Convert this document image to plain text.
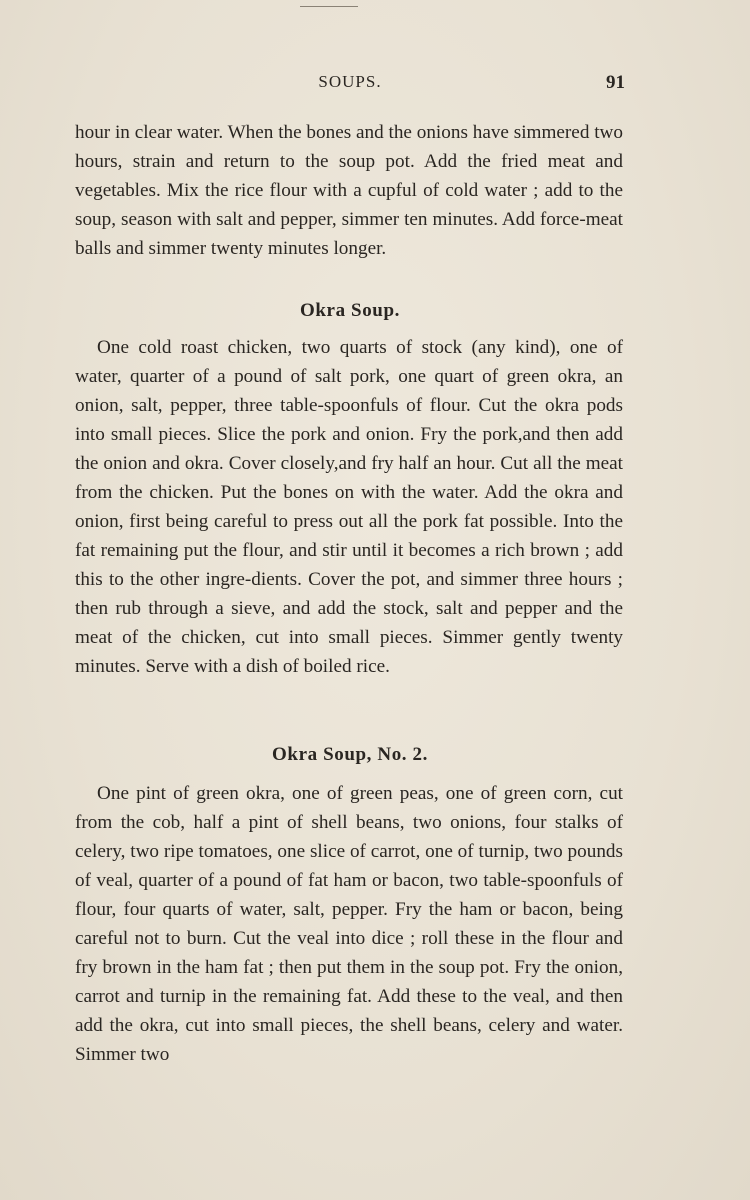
SOUPS.	91

hour in clear water. When the bones and the onions have simmered two hours, strain and return to the soup pot. Add the fried meat and vegetables. Mix the rice flour with a cupful of cold water ; add to the soup, season with salt and pepper, simmer ten minutes. Add force-meat balls and simmer twenty minutes longer.

Okra Soup.

One cold roast chicken, two quarts of stock (any kind), one of water, quarter of a pound of salt pork, one quart of green okra, an onion, salt, pepper, three table-spoonfuls of flour. Cut the okra pods into small pieces. Slice the pork and onion. Fry the pork,and then add the onion and okra. Cover closely,and fry half an hour. Cut all the meat from the chicken. Put the bones on with the water. Add the okra and onion, first being careful to press out all the pork fat possible. Into the fat remaining put the flour, and stir until it becomes a rich brown ; add this to the other ingre-dients. Cover the pot, and simmer three hours ; then rub through a sieve, and add the stock, salt and pepper and the meat of the chicken, cut into small pieces. Simmer gently twenty minutes. Serve with a dish of boiled rice.

Okra Soup, No. 2.

One pint of green okra, one of green peas, one of green corn, cut from the cob, half a pint of shell beans, two onions, four stalks of celery, two ripe tomatoes, one slice of carrot, one of turnip, two pounds of veal, quarter of a pound of fat ham or bacon, two table-spoonfuls of flour, four quarts of water, salt, pepper. Fry the ham or bacon, being careful not to burn. Cut the veal into dice ; roll these in the flour and fry brown in the ham fat ; then put them in the soup pot. Fry the onion, carrot and turnip in the remaining fat. Add these to the veal, and then add the okra, cut into small pieces, the shell beans, celery and water. Simmer two
